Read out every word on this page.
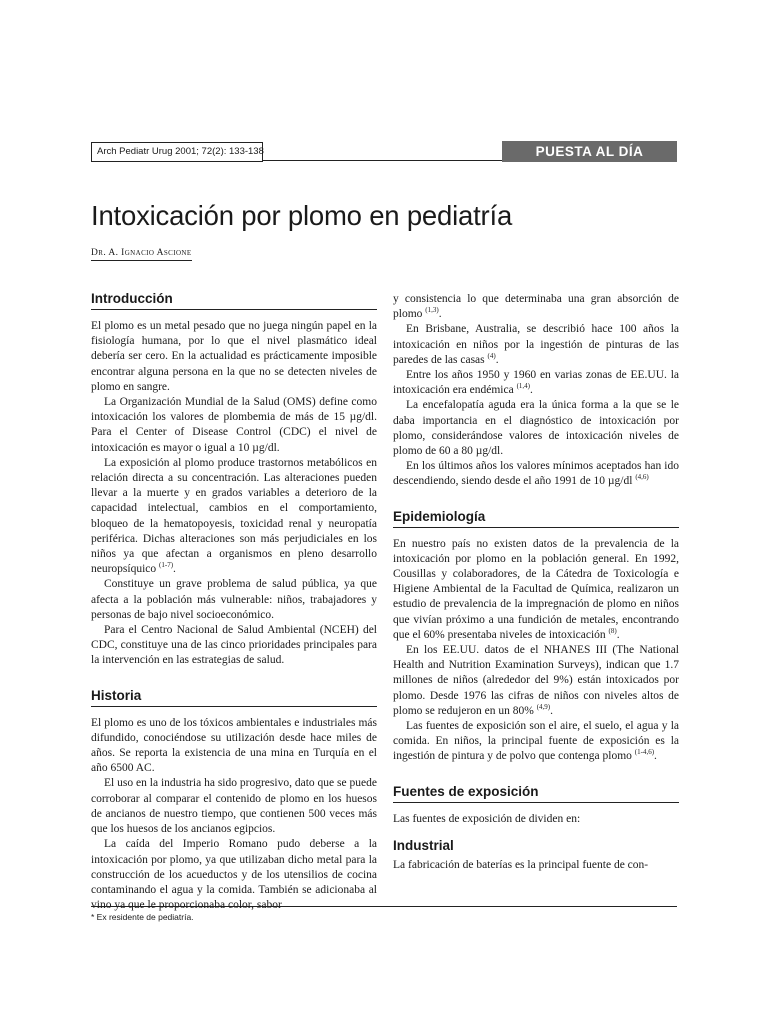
Arch Pediatr Urug 2001; 72(2): 133-138	PUESTA AL DÍA
Intoxicación por plomo en pediatría
Dr. A. Ignacio Ascione
Introducción

El plomo es un metal pesado que no juega ningún papel en la fisiología humana, por lo que el nivel plasmático ideal debería ser cero. En la actualidad es prácticamente imposible encontrar alguna persona en la que no se detecten niveles de plomo en sangre.

La Organización Mundial de la Salud (OMS) define como intoxicación los valores de plombemia de más de 15 µg/dl. Para el Center of Disease Control (CDC) el nivel de intoxicación es mayor o igual a 10 µg/dl.

La exposición al plomo produce trastornos metabólicos en relación directa a su concentración. Las alteraciones pueden llevar a la muerte y en grados variables a deterioro de la capacidad intelectual, cambios en el comportamiento, bloqueo de la hematopoyesis, toxicidad renal y neuropatía periférica. Dichas alteraciones son más perjudiciales en los niños ya que afectan a organismos en pleno desarrollo neuropsíquico $^{(1-7)}$.

Constituye un grave problema de salud pública, ya que afecta a la población más vulnerable: niños, trabajadores y personas de bajo nivel socioeconómico.

Para el Centro Nacional de Salud Ambiental (NCEH) del CDC, constituye una de las cinco prioridades principales para la intervención en las estrategias de salud.

Historia

El plomo es uno de los tóxicos ambientales e industriales más difundido, conociéndose su utilización desde hace miles de años. Se reporta la existencia de una mina en Turquía en el año 6500 AC.

El uso en la industria ha sido progresivo, dato que se puede corroborar al comparar el contenido de plomo en los huesos de ancianos de nuestro tiempo, que contienen 500 veces más que los huesos de los ancianos egipcios.

La caída del Imperio Romano pudo deberse a la intoxicación por plomo, ya que utilizaban dicho metal para la construcción de los acueductos y de los utensilios de cocina contaminando el agua y la comida. También se adicionaba al

y consistencia lo que determinaba una gran absorción de plomo $^{(1,3)}$.

En Brisbane, Australia, se describió hace 100 años la intoxicación en niños por la ingestión de pinturas de las paredes de las casas $^{(4)}$.

Entre los años 1950 y 1960 en varias zonas de EE.UU. la intoxicación era endémica $^{(1,4)}$.

La encefalopatía aguda era la única forma a la que se le daba importancia en el diagnóstico de intoxicación por plomo, considerándose valores de intoxicación niveles de plomo de 60 a 80 µg/dl.

En los últimos años los valores mínimos aceptados han ido descendiendo, siendo desde el año 1991 de 10 µg/dl $^{(4,6)}$

Epidemiología

En nuestro país no existen datos de la prevalencia de la intoxicación por plomo en la población general. En 1992, Cousillas y colaboradores, de la Cátedra de Toxicología e Higiene Ambiental de la Facultad de Química, realizaron un estudio de prevalencia de la impregnación de plomo en niños que vivían próximo a una fundición de metales, encontrando que el 60% presentaba niveles de intoxicación $^{(8)}$.

En los EE.UU. datos de el NHANES III (The National Health and Nutrition Examination Surveys), indican que 1.7 millones de niños (alrededor del 9%) están intoxicados por plomo. Desde 1976 las cifras de niños con niveles altos de plomo se redujeron en un 80% $^{(4,9)}$.

Las fuentes de exposición son el aire, el suelo, el agua y la comida. En niños, la principal fuente de exposición es la ingestión de pintura y de polvo que contenga plomo $^{(1-4,6)}$.

Fuentes de exposición

Las fuentes de exposición de dividen en:

Industrial

La fabricación de baterías es la principal fuente de con-

* Ex residente de pediatría.
